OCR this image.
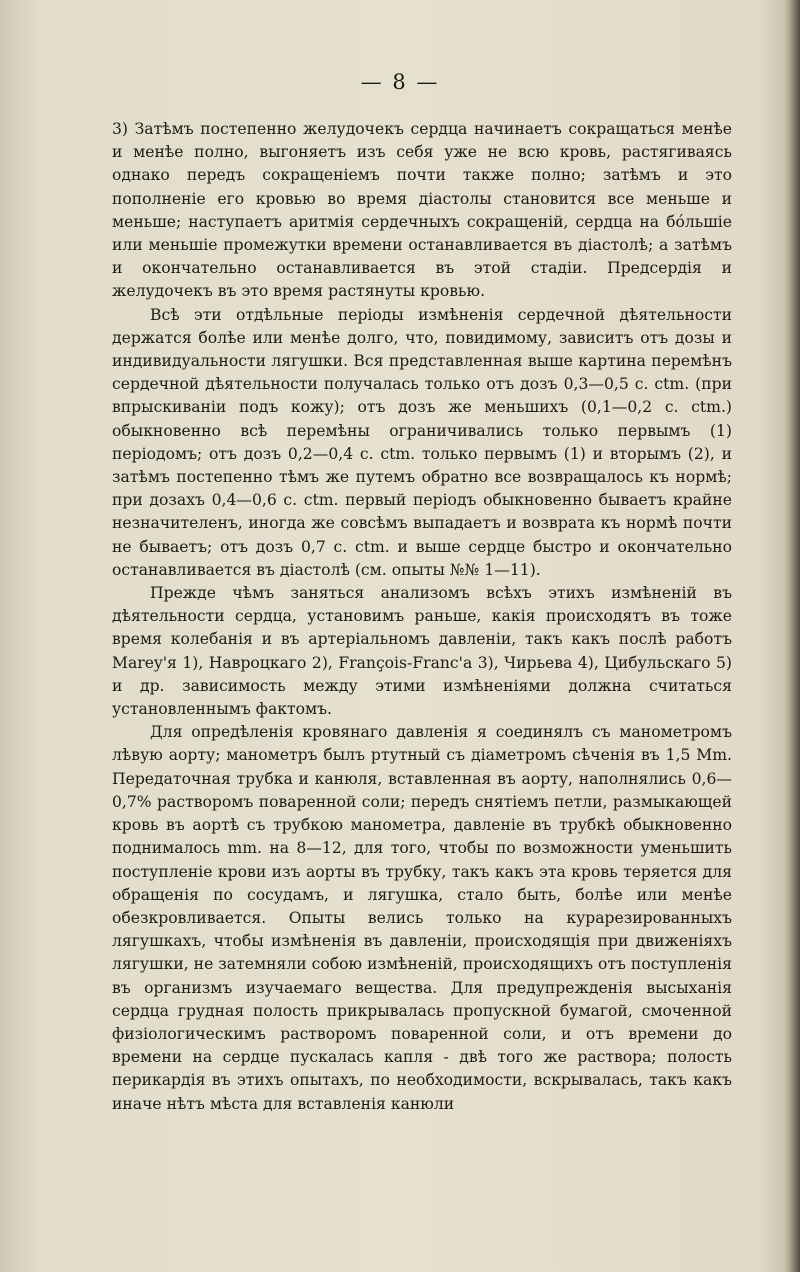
— 8 —

3) Затѣмъ постепенно желудочекъ сердца начинаетъ сокращаться менѣе и менѣе полно, выгоняетъ изъ себя уже не всю кровь, растягиваясь однако передъ сокращеніемъ почти также полно; затѣмъ и это пополненіе его кровью во время діастолы становится все меньше и меньше; наступаетъ аритмія сердечныхъ сокращеній, сердца на бо́льшіе или меньшіе промежутки времени останавливается въ діастолѣ; а затѣмъ и окончательно останавливается въ этой стадіи. Предсердія и желудочекъ въ это время растянуты кровью.

Всѣ эти отдѣльные періоды измѣненія сердечной дѣятельности держатся болѣе или менѣе долго, что, повидимому, зависитъ отъ дозы и индивидуальности лягушки. Вся представленная выше картина перемѣнъ сердечной дѣятельности получалась только отъ дозъ 0,3—0,5 c. ctm. (при впрыскиваніи подъ кожу); отъ дозъ же меньшихъ (0,1—0,2 c. ctm.) обыкновенно всѣ перемѣны ограничивались только первымъ (1) періодомъ; отъ дозъ 0,2—0,4 c. ctm. только первымъ (1) и вторымъ (2), и затѣмъ постепенно тѣмъ же путемъ обратно все возвращалось къ нормѣ; при дозахъ 0,4—0,6 c. ctm. первый періодъ обыкновенно бываетъ крайне незначителенъ, иногда же совсѣмъ выпадаетъ и возврата къ нормѣ почти не бываетъ; отъ дозъ 0,7 c. ctm. и выше сердце быстро и окончательно останавливается въ діастолѣ (см. опыты №№ 1—11).

Прежде чѣмъ заняться анализомъ всѣхъ этихъ измѣненій въ дѣятельности сердца, установимъ раньше, какія происходятъ въ тоже время колебанія и въ артеріальномъ давленіи, такъ какъ послѣ работъ Marey'я 1), Навроцкаго 2), François-Franc'a 3), Чирьева 4), Цибульскаго 5) и др. зависимость между этими измѣненіями должна считаться установленнымъ фактомъ.

Для опредѣленія кровянаго давленія я соединялъ съ манометромъ лѣвую аорту; манометръ былъ ртутный съ діаметромъ сѣченія въ 1,5 Mm. Передаточная трубка и канюля, вставленная въ аорту, наполнялись 0,6—0,7% растворомъ поваренной соли; передъ снятіемъ петли, размыкающей кровь въ аортѣ съ трубкою манометра, давленіе въ трубкѣ обыкновенно поднималось mm. на 8—12, для того, чтобы по возможности уменьшить поступленіе крови изъ аорты въ трубку, такъ какъ эта кровь теряется для обращенія по сосудамъ, и лягушка, стало быть, болѣе или менѣе обезкровливается. Опыты велись только на курарезированныхъ лягушкахъ, чтобы измѣненія въ давленіи, происходящія при движеніяхъ лягушки, не затемняли собою измѣненій, происходящихъ отъ поступленія въ организмъ изучаемаго вещества. Для предупрежденія высыханія сердца грудная полость прикрывалась пропускной бумагой, смоченной физіологическимъ растворомъ поваренной соли, и отъ времени до времени на сердце пускалась капля - двѣ того же раствора; полость перикардія въ этихъ опытахъ, по необходимости, вскрывалась, такъ какъ иначе нѣтъ мѣста для вставленія канюли
